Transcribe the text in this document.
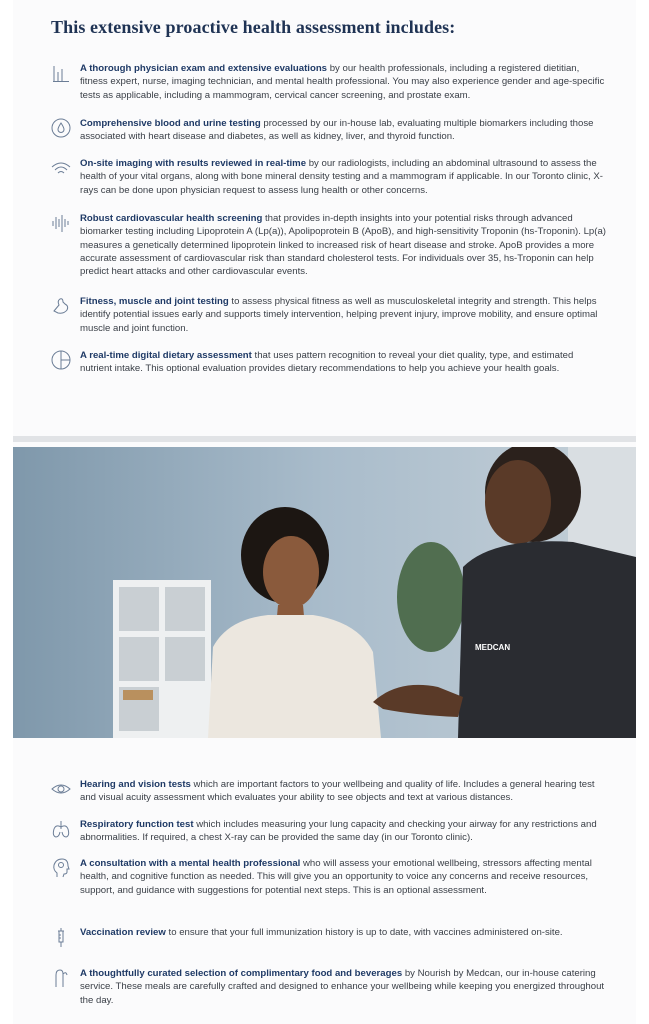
This extensive proactive health assessment includes:

A thorough physician exam and extensive evaluations by our health professionals, including a registered dietitian, fitness expert, nurse, imaging technician, and mental health professional. You may also experience gender and age-specific tests as applicable, including a mammogram, cervical cancer screening, and prostate exam.

Comprehensive blood and urine testing processed by our in-house lab, evaluating multiple biomarkers including those associated with heart disease and diabetes, as well as kidney, liver, and thyroid function.

On-site imaging with results reviewed in real-time by our radiologists, including an abdominal ultrasound to assess the health of your vital organs, along with bone mineral density testing and a mammogram if applicable. In our Toronto clinic, X-rays can be done upon physician request to assess lung health or other concerns.

Robust cardiovascular health screening that provides in-depth insights into your potential risks through advanced biomarker testing including Lipoprotein A (Lp(a)), Apolipoprotein B (ApoB), and high-sensitivity Troponin (hs-Troponin). Lp(a) measures a genetically determined lipoprotein linked to increased risk of heart disease and stroke. ApoB provides a more accurate assessment of cardiovascular risk than standard cholesterol tests. For individuals over 35, hs-Troponin can help predict heart attacks and other cardiovascular events.

Fitness, muscle and joint testing to assess physical fitness as well as musculoskeletal integrity and strength. This helps identify potential issues early and supports timely intervention, helping prevent injury, improve mobility, and ensure optimal muscle and joint function.

A real-time digital dietary assessment that uses pattern recognition to reveal your diet quality, type, and estimated nutrient intake. This optional evaluation provides dietary recommendations to help you achieve your health goals.

MEDCAN

Hearing and vision tests which are important factors to your wellbeing and quality of life. Includes a general hearing test and visual acuity assessment which evaluates your ability to see objects and text at various distances.

Respiratory function test which includes measuring your lung capacity and checking your airway for any restrictions and abnormalities. If required, a chest X-ray can be provided the same day (in our Toronto clinic).

A consultation with a mental health professional who will assess your emotional wellbeing, stressors affecting mental health, and cognitive function as needed. This will give you an opportunity to voice any concerns and receive resources, support, and guidance with suggestions for potential next steps. This is an optional assessment.

Vaccination review to ensure that your full immunization history is up to date, with vaccines administered on-site.

A thoughtfully curated selection of complimentary food and beverages by Nourish by Medcan, our in-house catering service. These meals are carefully crafted and designed to enhance your wellbeing while keeping you energized throughout the day.
